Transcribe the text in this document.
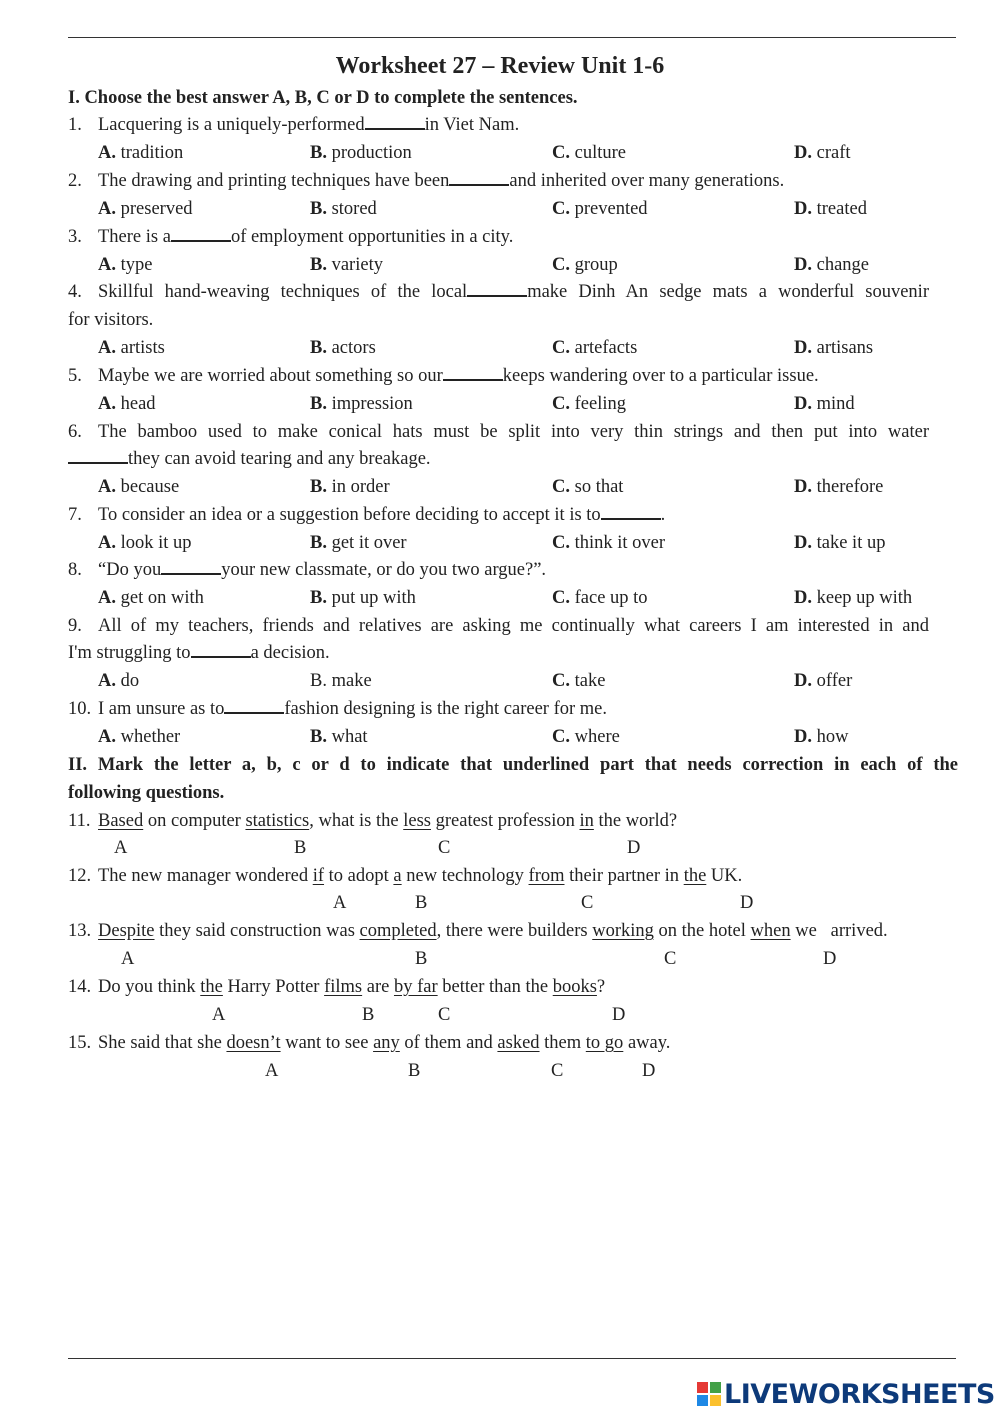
Worksheet 27 – Review Unit 1-6
I. Choose the best answer A, B, C or D to complete the sentences.
1. Lacquering is a uniquely-performed	in Viet Nam.
A. tradition	B. production	C. culture	D. craft
2. The drawing and printing techniques have been	and inherited over many generations.
A. preserved	B. stored	C. prevented	D. treated
3. There is a	of employment opportunities in a city.
A. type	B. variety	C. group	D. change
4. Skillful hand-weaving techniques of the local	make Dinh An sedge mats a wonderful souvenir
for visitors.
A. artists	B. actors	C. artefacts	D. artisans
5. Maybe we are worried about something so our	keeps wandering over to a particular issue.
A. head	B. impression	C. feeling	D. mind
6. The bamboo used to make conical hats must be split into very thin strings and then put into water
they can avoid tearing and any breakage.
A. because	B. in order	C. so that	D. therefore
7. To consider an idea or a suggestion before deciding to accept it is to	.
A. look it up	B. get it over	C. think it over	D. take it up
8. “Do you	your new classmate, or do you two argue?”.
A. get on with	B. put up with	C. face up to	D. keep up with
9. All of my teachers, friends and relatives are asking me continually what careers I am interested in and
I'm struggling to	a decision.
A. do	B. make	C. take	D. offer
10. I am unsure as to	fashion designing is the right career for me.
A. whether	B. what	C. where	D. how
II. Mark the letter a, b, c or d to indicate that underlined part that needs correction in each of the
following questions.
11. Based on computer statistics, what is the less greatest profession in the world?
A	B	C	D
12. The new manager wondered if to adopt a new technology from their partner in the UK.
A	B	C	D
13. Despite they said construction was completed, there were builders working on the hotel when we   arrived.
A	B	C	D
14. Do you think the Harry Potter films are by far better than the books?
A	B	C	D
15. She said that she doesn’t want to see any of them and asked them to go away.
A	B	C	D
LIVEWORKSHEETS
